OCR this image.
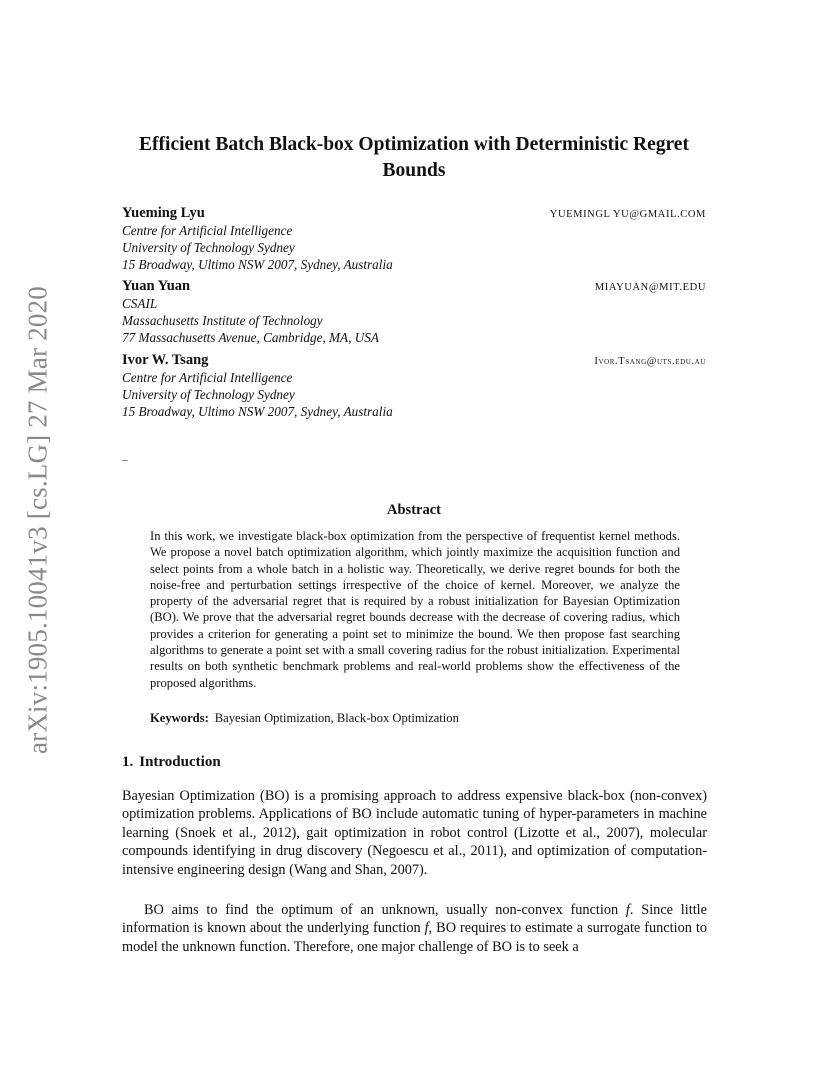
arXiv:1905.10041v3 [cs.LG] 27 Mar 2020
Efficient Batch Black-box Optimization with Deterministic Regret Bounds
Yueming Lyu	YUEMINGL YU@GMAIL.COM
Centre for Artificial Intelligence
University of Technology Sydney
15 Broadway, Ultimo NSW 2007, Sydney, Australia
Yuan Yuan	MIAYUAN@MIT.EDU
CSAIL
Massachusetts Institute of Technology
77 Massachusetts Avenue, Cambridge, MA, USA
Ivor W. Tsang	Ivor.Tsang@uts.edu.au
Centre for Artificial Intelligence
University of Technology Sydney
15 Broadway, Ultimo NSW 2007, Sydney, Australia
–
Abstract
In this work, we investigate black-box optimization from the perspective of frequentist kernel methods. We propose a novel batch optimization algorithm, which jointly maximize the acquisition function and select points from a whole batch in a holistic way. Theoretically, we derive regret bounds for both the noise-free and perturbation settings irrespective of the choice of kernel. Moreover, we analyze the property of the adversarial regret that is required by a robust initialization for Bayesian Optimization (BO). We prove that the adversarial regret bounds decrease with the decrease of covering radius, which provides a criterion for generating a point set to minimize the bound. We then propose fast searching algorithms to generate a point set with a small covering radius for the robust initialization. Experimental results on both synthetic benchmark problems and real-world problems show the effectiveness of the proposed algorithms.
Keywords: Bayesian Optimization, Black-box Optimization
1. Introduction
Bayesian Optimization (BO) is a promising approach to address expensive black-box (non-convex) optimization problems. Applications of BO include automatic tuning of hyper-parameters in machine learning (Snoek et al., 2012), gait optimization in robot control (Lizotte et al., 2007), molecular compounds identifying in drug discovery (Negoescu et al., 2011), and optimization of computation-intensive engineering design (Wang and Shan, 2007).
BO aims to find the optimum of an unknown, usually non-convex function f. Since little information is known about the underlying function f, BO requires to estimate a surrogate function to model the unknown function. Therefore, one major challenge of BO is to seek a
